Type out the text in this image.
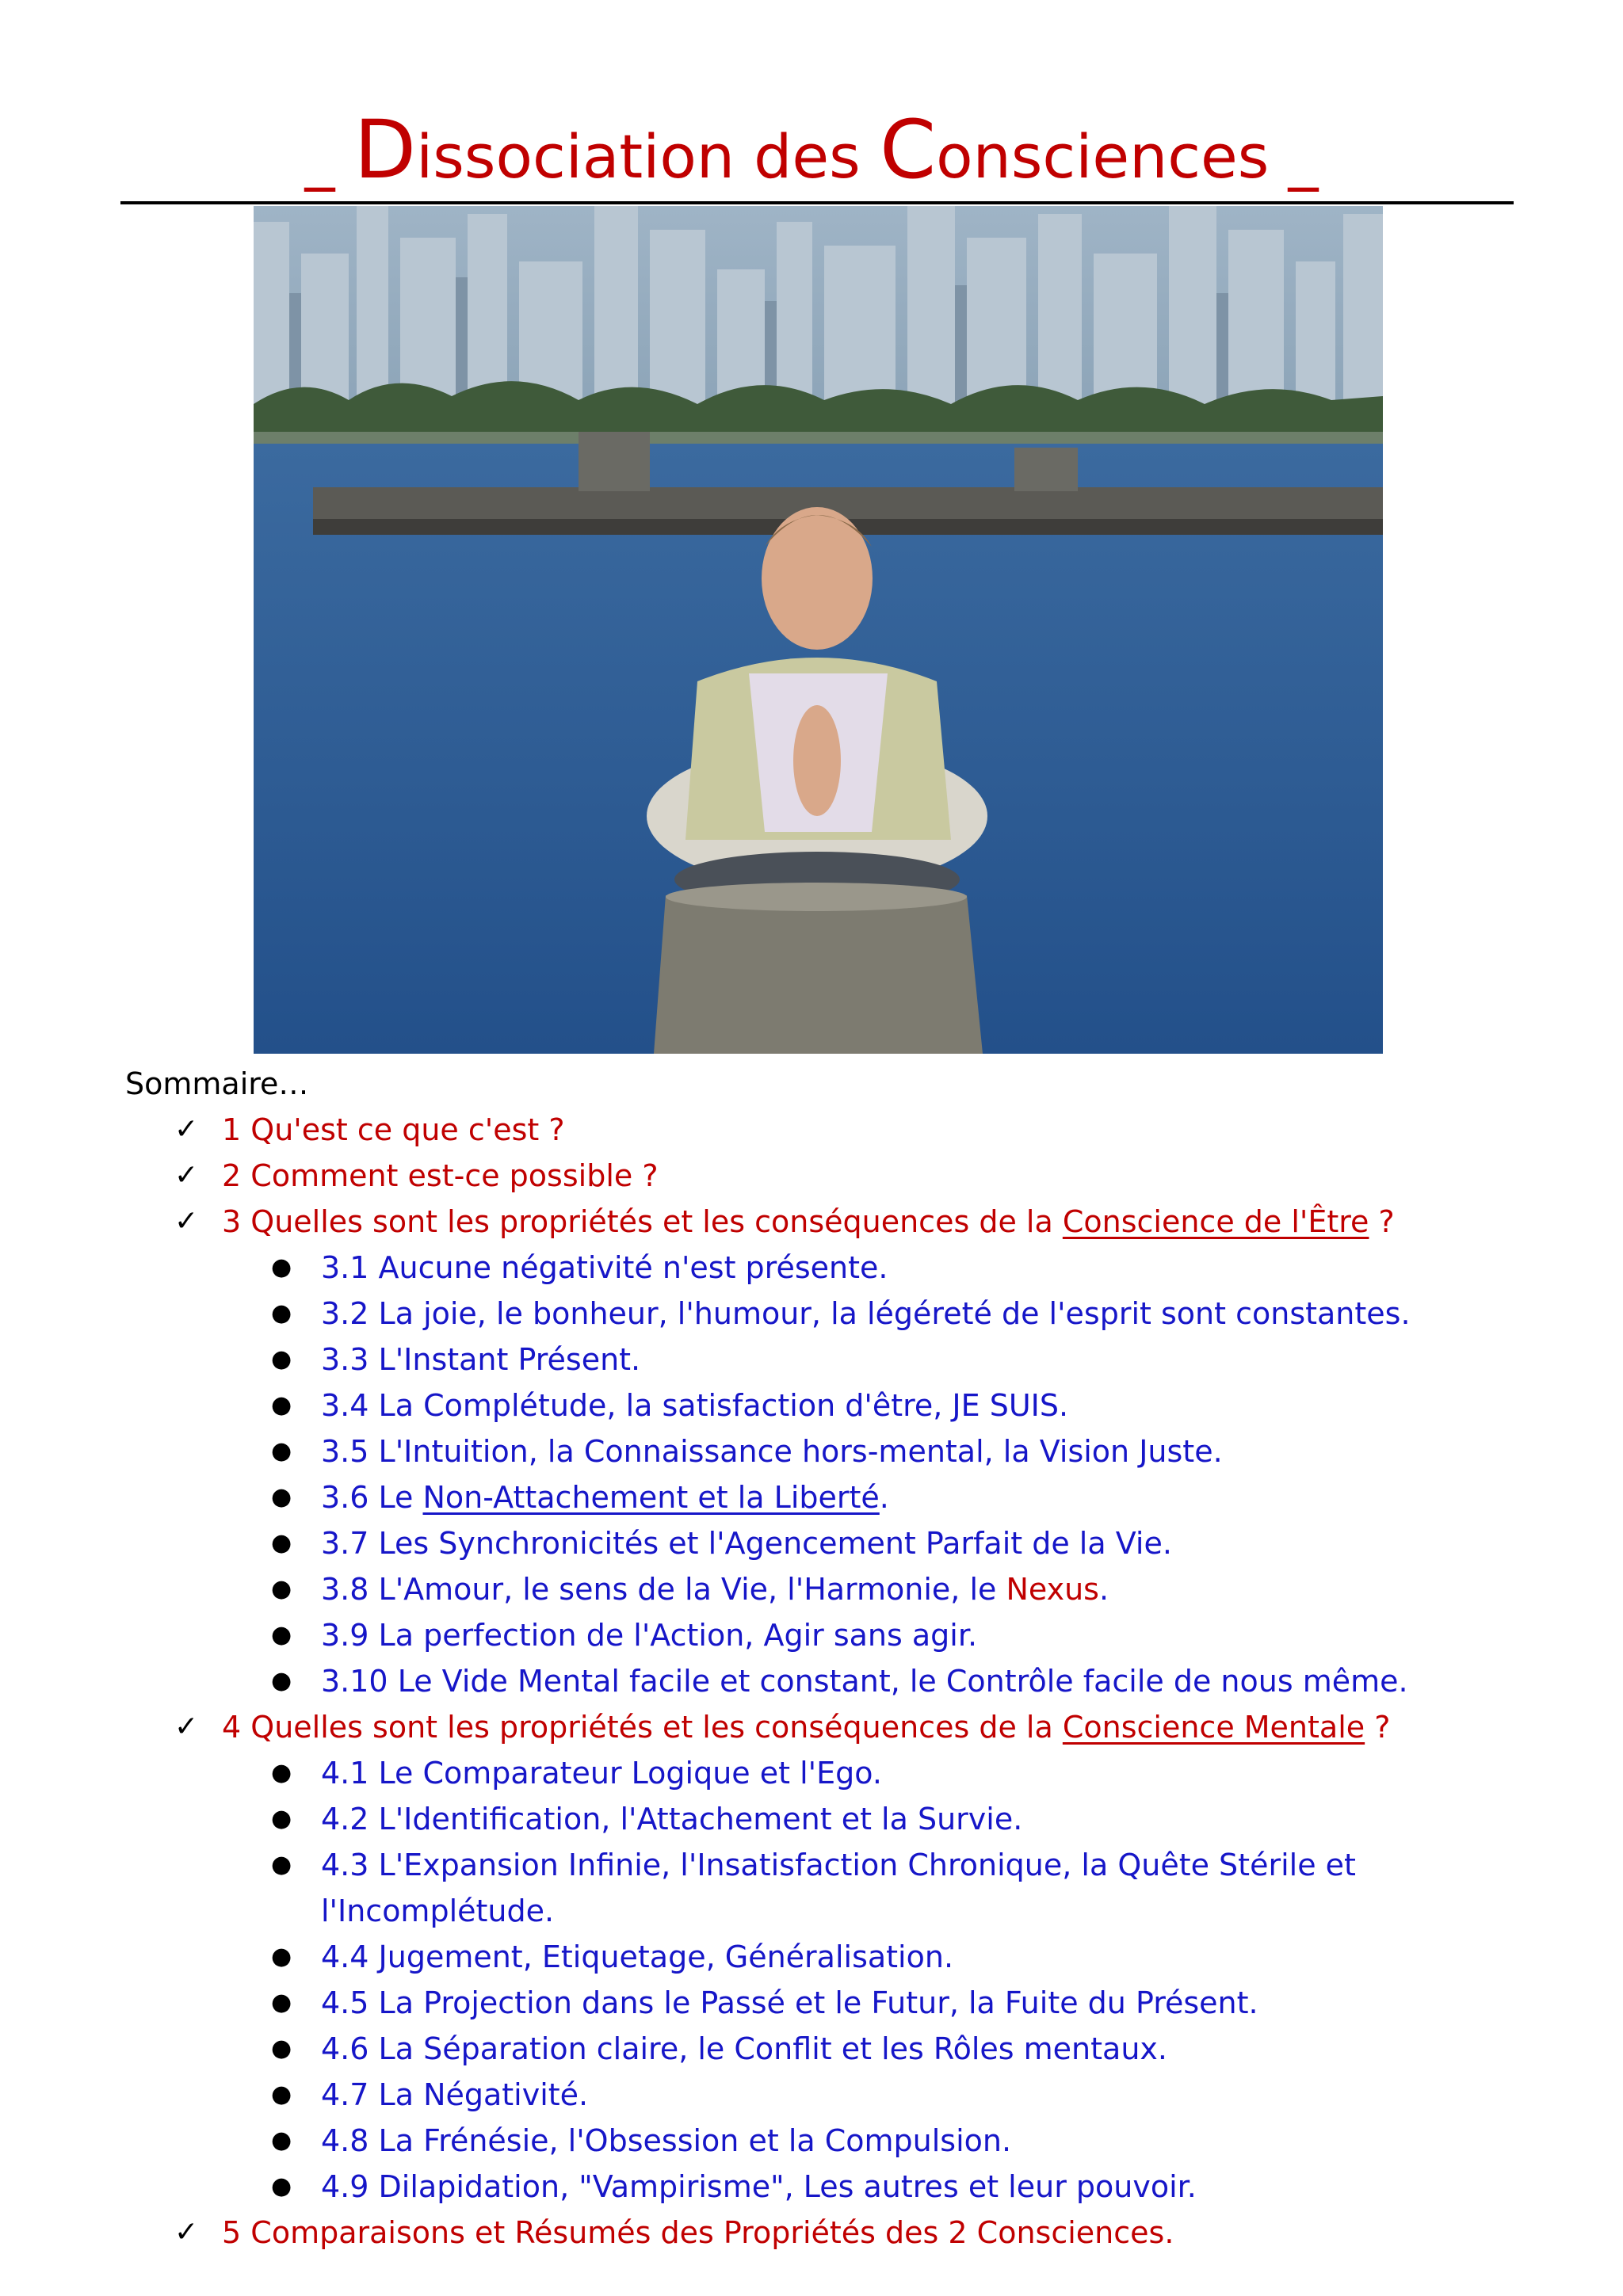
_ Dissociation des Consciences _
Sommaire…
✓ 1 Qu'est ce que c'est ?
✓ 2 Comment est-ce possible ?
✓ 3 Quelles sont les propriétés et les conséquences de la Conscience de l'Être ?
● 3.1 Aucune négativité n'est présente.
● 3.2 La joie, le bonheur, l'humour, la légéreté de l'esprit sont constantes.
● 3.3 L'Instant Présent.
● 3.4 La Complétude, la satisfaction d'être, JE SUIS.
● 3.5 L'Intuition, la Connaissance hors-mental, la Vision Juste.
● 3.6 Le Non-Attachement et la Liberté.
● 3.7 Les Synchronicités et l'Agencement Parfait de la Vie.
● 3.8 L'Amour, le sens de la Vie, l'Harmonie, le Nexus.
● 3.9 La perfection de l'Action, Agir sans agir.
● 3.10 Le Vide Mental facile et constant, le Contrôle facile de nous même.
✓ 4 Quelles sont les propriétés et les conséquences de la Conscience Mentale ?
● 4.1 Le Comparateur Logique et l'Ego.
● 4.2 L'Identification, l'Attachement et la Survie.
● 4.3 L'Expansion Infinie, l'Insatisfaction Chronique, la Quête Stérile et
l'Incomplétude.
● 4.4 Jugement, Etiquetage, Généralisation.
● 4.5 La Projection dans le Passé et le Futur, la Fuite du Présent.
● 4.6 La Séparation claire, le Conflit et les Rôles mentaux.
● 4.7 La Négativité.
● 4.8 La Frénésie, l'Obsession et la Compulsion.
● 4.9 Dilapidation, "Vampirisme", Les autres et leur pouvoir.
✓ 5 Comparaisons et Résumés des Propriétés des 2 Consciences.
